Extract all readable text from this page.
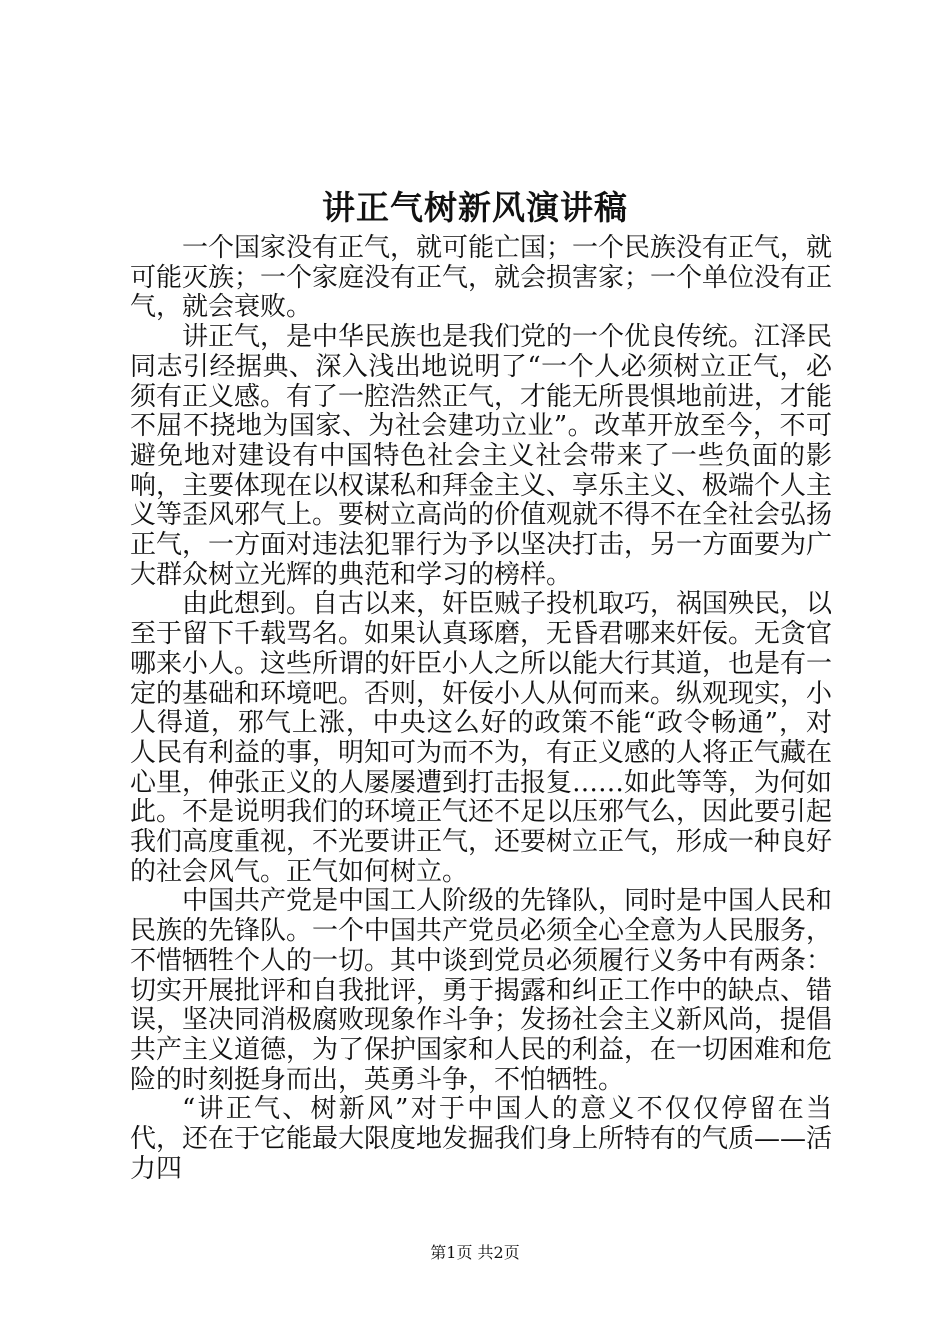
讲正气树新风演讲稿

一个国家没有正气，就可能亡国；一个民族没有正气，就可能灭族；一个家庭没有正气，就会损害家；一个单位没有正气，就会衰败。

讲正气，是中华民族也是我们党的一个优良传统。江泽民同志引经据典、深入浅出地说明了“一个人必须树立正气，必须有正义感。有了一腔浩然正气，才能无所畏惧地前进，才能不屈不挠地为国家、为社会建功立业”。改革开放至今，不可避免地对建设有中国特色社会主义社会带来了一些负面的影响，主要体现在以权谋私和拜金主义、享乐主义、极端个人主义等歪风邪气上。要树立高尚的价值观就不得不在全社会弘扬正气，一方面对违法犯罪行为予以坚决打击，另一方面要为广大群众树立光辉的典范和学习的榜样。

由此想到。自古以来，奸臣贼子投机取巧，祸国殃民，以至于留下千载骂名。如果认真琢磨，无昏君哪来奸佞。无贪官哪来小人。这些所谓的奸臣小人之所以能大行其道，也是有一定的基础和环境吧。否则，奸佞小人从何而来。纵观现实，小人得道，邪气上涨，中央这么好的政策不能“政令畅通”，对人民有利益的事，明知可为而不为，有正义感的人将正气藏在心里，伸张正义的人屡屡遭到打击报复……如此等等，为何如此。不是说明我们的环境正气还不足以压邪气么，因此要引起我们高度重视，不光要讲正气，还要树立正气，形成一种良好的社会风气。正气如何树立。

中国共产党是中国工人阶级的先锋队，同时是中国人民和民族的先锋队。一个中国共产党员必须全心全意为人民服务，不惜牺牲个人的一切。其中谈到党员必须履行义务中有两条：切实开展批评和自我批评，勇于揭露和纠正工作中的缺点、错误，坚决同消极腐败现象作斗争；发扬社会主义新风尚，提倡共产主义道德，为了保护国家和人民的利益，在一切困难和危险的时刻挺身而出，英勇斗争，不怕牺牲。

“讲正气、树新风”对于中国人的意义不仅仅停留在当代，还在于它能最大限度地发掘我们身上所特有的气质——活力四

第1页 共2页
